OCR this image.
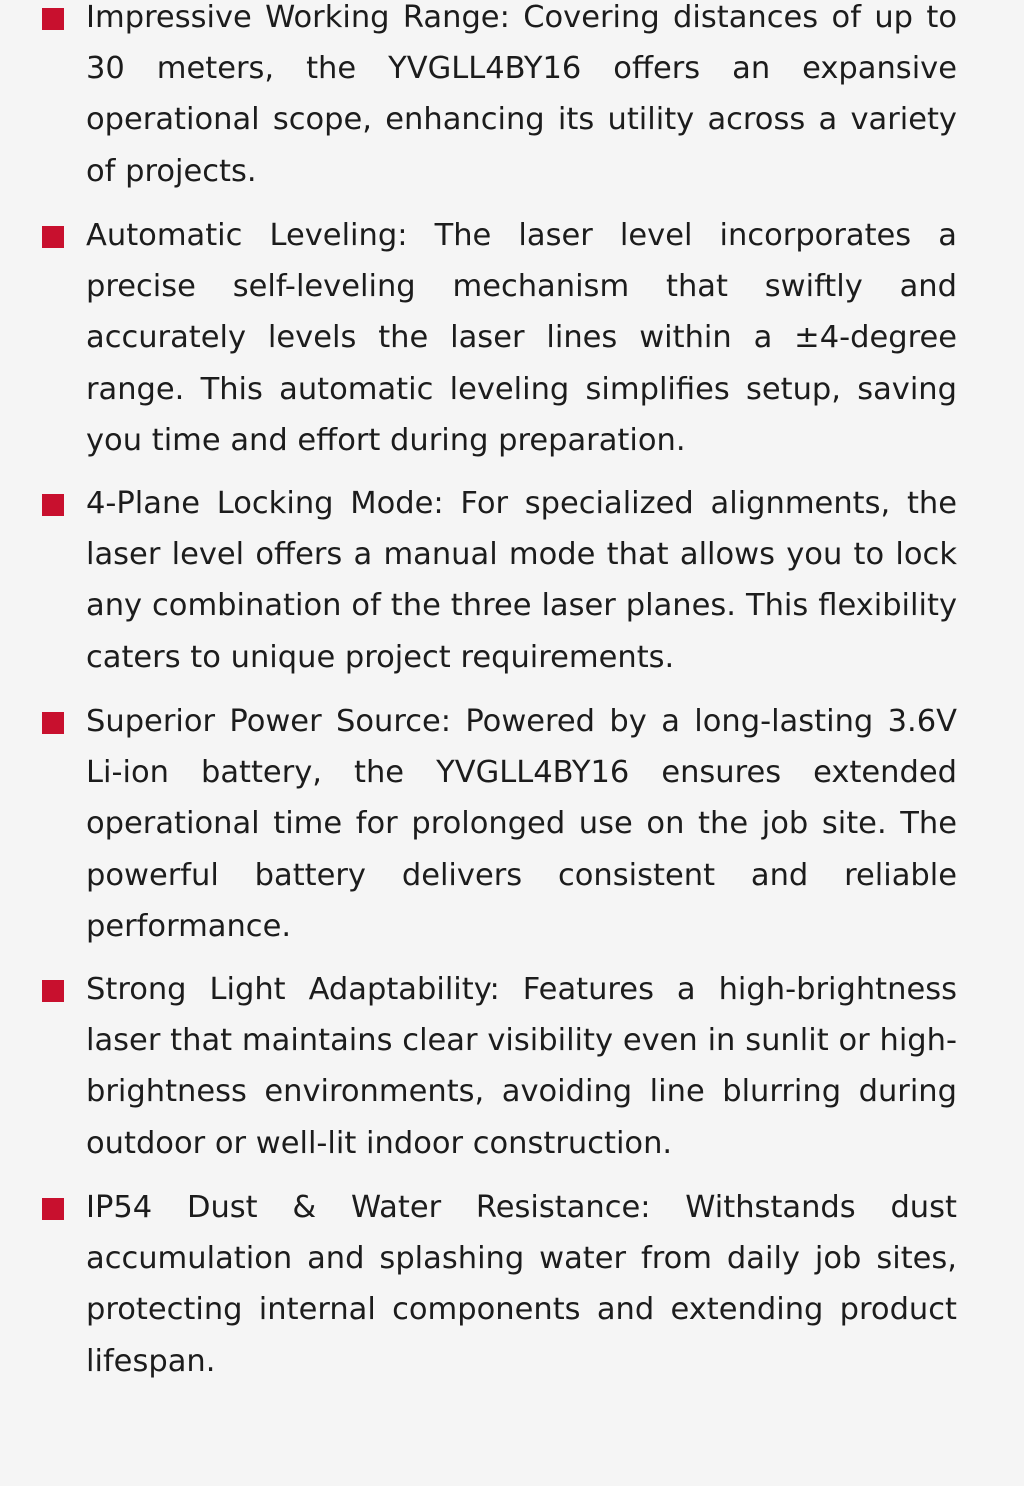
Impressive Working Range: Covering distances of up to 30 meters, the YVGLL4BY16 offers an expansive operational scope, enhancing its utility across a variety of projects.

Automatic Leveling: The laser level incorporates a precise self-leveling mechanism that swiftly and accurately levels the laser lines within a ±4-degree range. This automatic leveling simplifies setup, saving you time and effort during preparation.

4-Plane Locking Mode: For specialized alignments, the laser level offers a manual mode that allows you to lock any combination of the three laser planes. This flexibility caters to unique project requirements.

Superior Power Source: Powered by a long-lasting 3.6V Li-ion battery, the YVGLL4BY16 ensures extended operational time for prolonged use on the job site. The powerful battery delivers consistent and reliable performance.

Strong Light Adaptability: Features a high-brightness laser that maintains clear visibility even in sunlit or high-brightness environments, avoiding line blurring during outdoor or well-lit indoor construction.

IP54 Dust & Water Resistance: Withstands dust accumulation and splashing water from daily job sites, protecting internal components and extending product lifespan.
